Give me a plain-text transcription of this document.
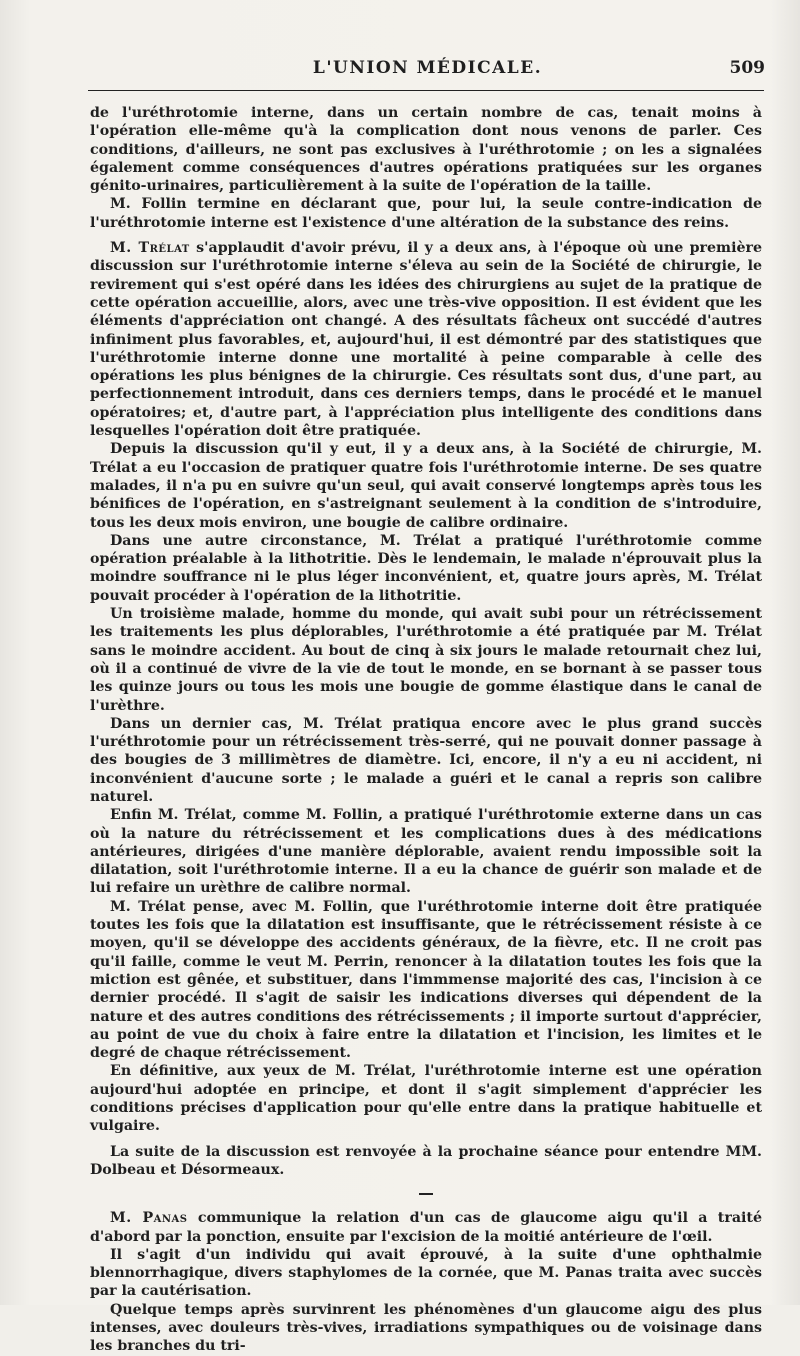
L'UNION MÉDICALE.	509

de l'uréthrotomie interne, dans un certain nombre de cas, tenait moins à l'opération elle-même qu'à la complication dont nous venons de parler. Ces conditions, d'ailleurs, ne sont pas exclusives à l'uréthrotomie ; on les a signalées également comme conséquences d'autres opérations pratiquées sur les organes génito-urinaires, particulièrement à la suite de l'opération de la taille.

M. Follin termine en déclarant que, pour lui, la seule contre-indication de l'uréthrotomie interne est l'existence d'une altération de la substance des reins.

M. Trélat s'applaudit d'avoir prévu, il y a deux ans, à l'époque où une première discussion sur l'uréthrotomie interne s'éleva au sein de la Société de chirurgie, le revirement qui s'est opéré dans les idées des chirurgiens au sujet de la pratique de cette opération accueillie, alors, avec une très-vive opposition. Il est évident que les éléments d'appréciation ont changé. A des résultats fâcheux ont succédé d'autres infiniment plus favorables, et, aujourd'hui, il est démontré par des statistiques que l'uréthrotomie interne donne une mortalité à peine comparable à celle des opérations les plus bénignes de la chirurgie. Ces résultats sont dus, d'une part, au perfectionnement introduit, dans ces derniers temps, dans le procédé et le manuel opératoires; et, d'autre part, à l'appréciation plus intelligente des conditions dans lesquelles l'opération doit être pratiquée.

Depuis la discussion qu'il y eut, il y a deux ans, à la Société de chirurgie, M. Trélat a eu l'occasion de pratiquer quatre fois l'uréthrotomie interne. De ses quatre malades, il n'a pu en suivre qu'un seul, qui avait conservé longtemps après tous les bénifices de l'opération, en s'astreignant seulement à la condition de s'introduire, tous les deux mois environ, une bougie de calibre ordinaire.

Dans une autre circonstance, M. Trélat a pratiqué l'uréthrotomie comme opération préalable à la lithotritie. Dès le lendemain, le malade n'éprouvait plus la moindre souffrance ni le plus léger inconvénient, et, quatre jours après, M. Trélat pouvait procéder à l'opération de la lithotritie.

Un troisième malade, homme du monde, qui avait subi pour un rétrécissement les traitements les plus déplorables, l'uréthrotomie a été pratiquée par M. Trélat sans le moindre accident. Au bout de cinq à six jours le malade retournait chez lui, où il a continué de vivre de la vie de tout le monde, en se bornant à se passer tous les quinze jours ou tous les mois une bougie de gomme élastique dans le canal de l'urèthre.

Dans un dernier cas, M. Trélat pratiqua encore avec le plus grand succès l'uréthrotomie pour un rétrécissement très-serré, qui ne pouvait donner passage à des bougies de 3 millimètres de diamètre. Ici, encore, il n'y a eu ni accident, ni inconvénient d'aucune sorte ; le malade a guéri et le canal a repris son calibre naturel.

Enfin M. Trélat, comme M. Follin, a pratiqué l'uréthrotomie externe dans un cas où la nature du rétrécissement et les complications dues à des médications antérieures, dirigées d'une manière déplorable, avaient rendu impossible soit la dilatation, soit l'uréthrotomie interne. Il a eu la chance de guérir son malade et de lui refaire un urèthre de calibre normal.

M. Trélat pense, avec M. Follin, que l'uréthrotomie interne doit être pratiquée toutes les fois que la dilatation est insuffisante, que le rétrécissement résiste à ce moyen, qu'il se développe des accidents généraux, de la fièvre, etc. Il ne croit pas qu'il faille, comme le veut M. Perrin, renoncer à la dilatation toutes les fois que la miction est gênée, et substituer, dans l'immmense majorité des cas, l'incision à ce dernier procédé. Il s'agit de saisir les indications diverses qui dépendent de la nature et des autres conditions des rétrécissements ; il importe surtout d'apprécier, au point de vue du choix à faire entre la dilatation et l'incision, les limites et le degré de chaque rétrécissement.

En définitive, aux yeux de M. Trélat, l'uréthrotomie interne est une opération aujourd'hui adoptée en principe, et dont il s'agit simplement d'apprécier les conditions précises d'application pour qu'elle entre dans la pratique habituelle et vulgaire.

La suite de la discussion est renvoyée à la prochaine séance pour entendre MM. Dolbeau et Désormeaux.

M. Panas communique la relation d'un cas de glaucome aigu qu'il a traité d'abord par la ponction, ensuite par l'excision de la moitié antérieure de l'œil.

Il s'agit d'un individu qui avait éprouvé, à la suite d'une ophthalmie blennorrhagique, divers staphylomes de la cornée, que M. Panas traita avec succès par la cautérisation.

Quelque temps après survinrent les phénomènes d'un glaucome aigu des plus intenses, avec douleurs très-vives, irradiations sympathiques ou de voisinage dans les branches du tri-
